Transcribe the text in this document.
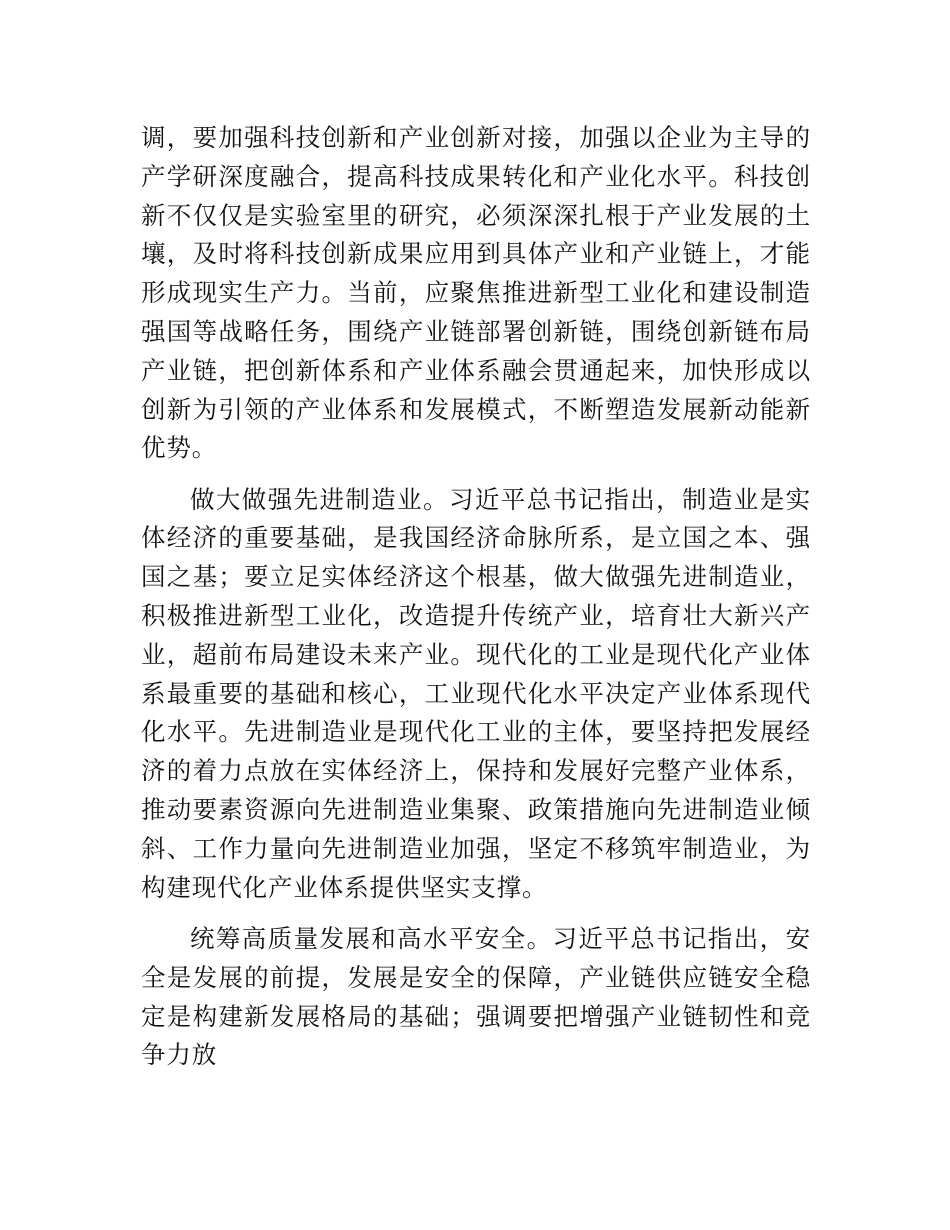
调，要加强科技创新和产业创新对接，加强以企业为主导的产学研深度融合，提高科技成果转化和产业化水平。科技创新不仅仅是实验室里的研究，必须深深扎根于产业发展的土壤，及时将科技创新成果应用到具体产业和产业链上，才能形成现实生产力。当前，应聚焦推进新型工业化和建设制造强国等战略任务，围绕产业链部署创新链，围绕创新链布局产业链，把创新体系和产业体系融会贯通起来，加快形成以创新为引领的产业体系和发展模式，不断塑造发展新动能新优势。

做大做强先进制造业。习近平总书记指出，制造业是实体经济的重要基础，是我国经济命脉所系，是立国之本、强国之基；要立足实体经济这个根基，做大做强先进制造业，积极推进新型工业化，改造提升传统产业，培育壮大新兴产业，超前布局建设未来产业。现代化的工业是现代化产业体系最重要的基础和核心，工业现代化水平决定产业体系现代化水平。先进制造业是现代化工业的主体，要坚持把发展经济的着力点放在实体经济上，保持和发展好完整产业体系，推动要素资源向先进制造业集聚、政策措施向先进制造业倾斜、工作力量向先进制造业加强，坚定不移筑牢制造业，为构建现代化产业体系提供坚实支撑。

统筹高质量发展和高水平安全。习近平总书记指出，安全是发展的前提，发展是安全的保障，产业链供应链安全稳定是构建新发展格局的基础；强调要把增强产业链韧性和竞争力放
